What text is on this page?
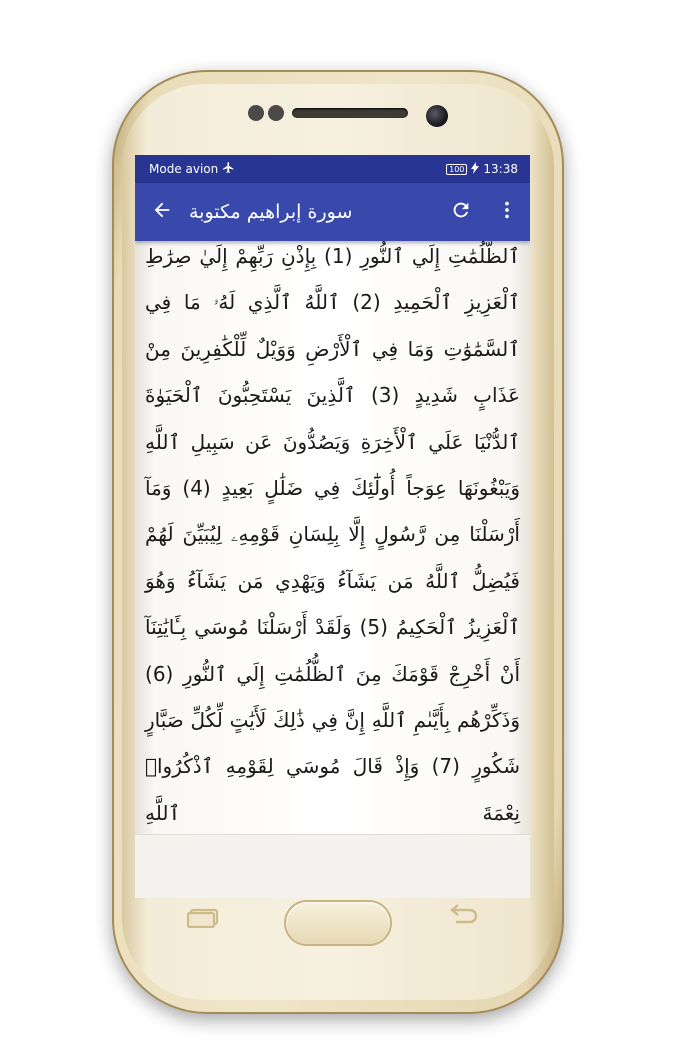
Mode avion	100 13:38
سورة إبراهيم مكتوبة

ٱلظُّلُمَٰتِ إِلَي ٱلنُّورِ (1) بِإِذْنِ رَبِّهِمْ إِلَيٰ صِرَٰطِ ٱلْعَزِيزِ ٱلْحَمِيدِ (2) ٱللَّهُ ٱلَّذِي لَهُۥ مَا فِي ٱلسَّمَٰوَٰتِ وَمَا فِي ٱلْأَرْضِ وَوَيْلٌ لِّلْكَٰفِرِينَ مِنْ عَذَابٍ شَدِيدٍ (3) ٱلَّذِينَ يَسْتَحِبُّونَ ٱلْحَيَوٰةَ ٱلدُّنْيَا عَلَي ٱلْأَخِرَةِ وَيَصُدُّونَ عَن سَبِيلِ ٱللَّهِ وَيَبْغُونَهَا عِوَجاً أُولَٰٓئِكَ فِي ضَلَٰلٍ بَعِيدٍ (4) وَمَآ أَرْسَلْنَا مِن رَّسُولٍ إِلَّا بِلِسَانِ قَوْمِهِۦ لِيُبَيِّنَ لَهُمْ فَيُضِلُّ ٱللَّهُ مَن يَشَآءُ وَيَهْدِي مَن يَشَآءُ وَهُوَ ٱلْعَزِيزُ ٱلْحَكِيمُ (5) وَلَقَدْ أَرْسَلْنَا مُوسَي بِـَٔايَٰتِنَآ أَنْ أَخْرِجْ قَوْمَكَ مِنَ ٱلظُّلُمَٰتِ إِلَي ٱلنُّورِ (6) وَذَكِّرْهُم بِأَيَّىٰمِ ٱللَّهِ إِنَّ فِي ذَٰلِكَ لَأَيَٰتٍ لِّكُلِّ صَبَّارٍ شَكُورٍ (7) وَإِذْ قَالَ مُوسَي لِقَوْمِهِ ٱذْكُرُوا۟ نِعْمَةَ ٱللَّهِ
